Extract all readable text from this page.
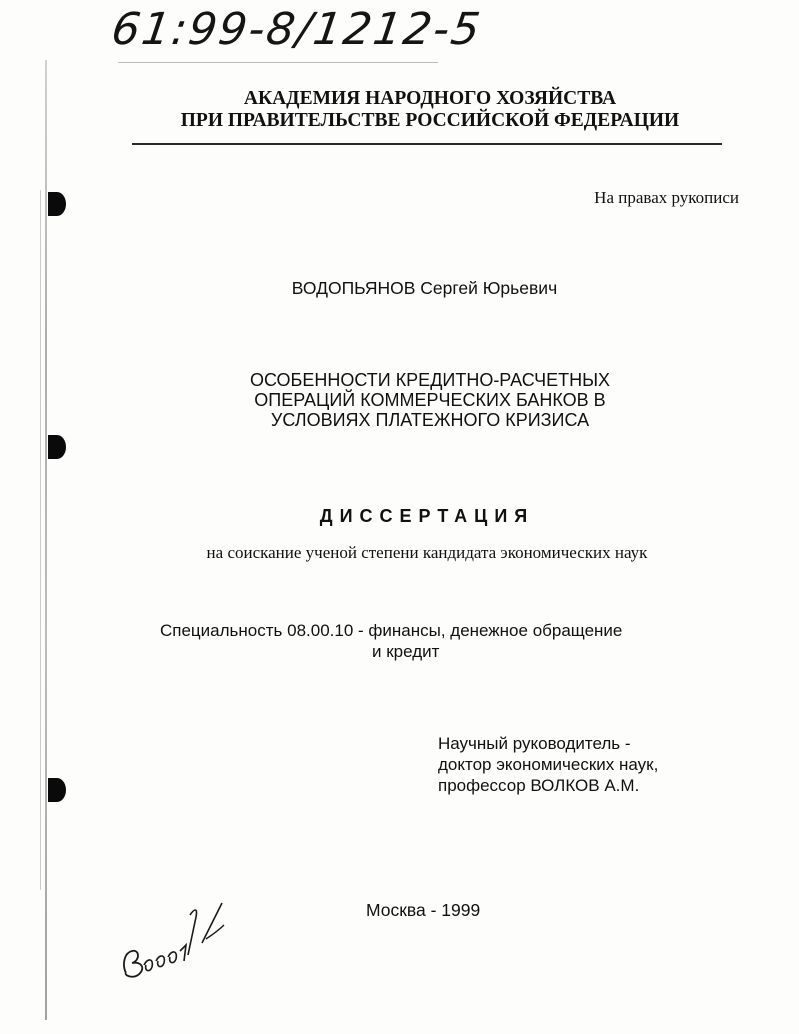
61:99-8/1212-5
АКАДЕМИЯ НАРОДНОГО ХОЗЯЙСТВА
ПРИ ПРАВИТЕЛЬСТВЕ РОССИЙСКОЙ ФЕДЕРАЦИИ
На правах рукописи
ВОДОПЬЯНОВ Сергей Юрьевич
ОСОБЕННОСТИ КРЕДИТНО-РАСЧЕТНЫХ
ОПЕРАЦИЙ КОММЕРЧЕСКИХ БАНКОВ В
УСЛОВИЯХ ПЛАТЕЖНОГО КРИЗИСА
ДИССЕРТАЦИЯ
на соискание ученой степени кандидата экономических наук
Специальность 08.00.10 - финансы, денежное обращение
и кредит
Научный руководитель -
доктор экономических наук,
профессор ВОЛКОВ А.М.
Москва - 1999
